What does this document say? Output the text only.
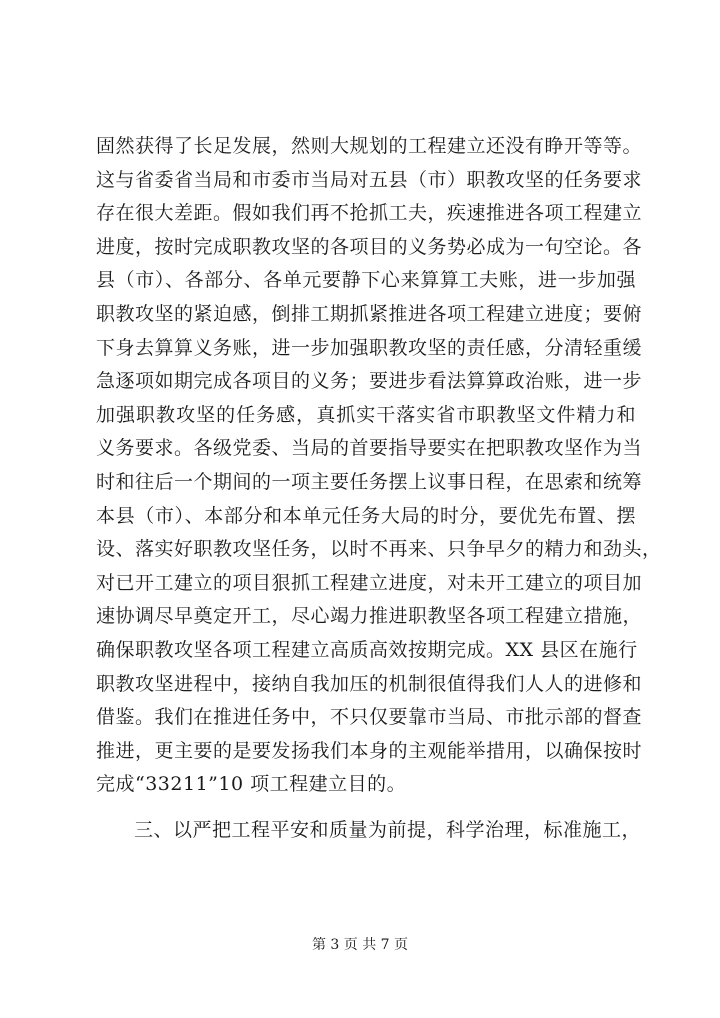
固然获得了长足发展，然则大规划的工程建立还没有睁开等等。
这与省委省当局和市委市当局对五县（市）职教攻坚的任务要求
存在很大差距。假如我们再不抢抓工夫，疾速推进各项工程建立
进度，按时完成职教攻坚的各项目的义务势必成为一句空论。各
县（市）、各部分、各单元要静下心来算算工夫账，进一步加强
职教攻坚的紧迫感，倒排工期抓紧推进各项工程建立进度；要俯
下身去算算义务账，进一步加强职教攻坚的责任感，分清轻重缓
急逐项如期完成各项目的义务；要进步看法算算政治账，进一步
加强职教攻坚的任务感，真抓实干落实省市职教坚文件精力和
义务要求。各级党委、当局的首要指导要实在把职教攻坚作为当
时和往后一个期间的一项主要任务摆上议事日程，在思索和统筹
本县（市）、本部分和本单元任务大局的时分，要优先布置、摆
设、落实好职教攻坚任务，以时不再来、只争早夕的精力和劲头，
对已开工建立的项目狠抓工程建立进度，对未开工建立的项目加
速协调尽早奠定开工，尽心竭力推进职教坚各项工程建立措施，
确保职教攻坚各项工程建立高质高效按期完成。XX 县区在施行
职教攻坚进程中，接纳自我加压的机制很值得我们人人的进修和
借鉴。我们在推进任务中，不只仅要靠市当局、市批示部的督查
推进，更主要的是要发扬我们本身的主观能举措用，以确保按时
完成“33211”10 项工程建立目的。
三、以严把工程平安和质量为前提，科学治理，标准施工，
第 3 页 共 7 页
